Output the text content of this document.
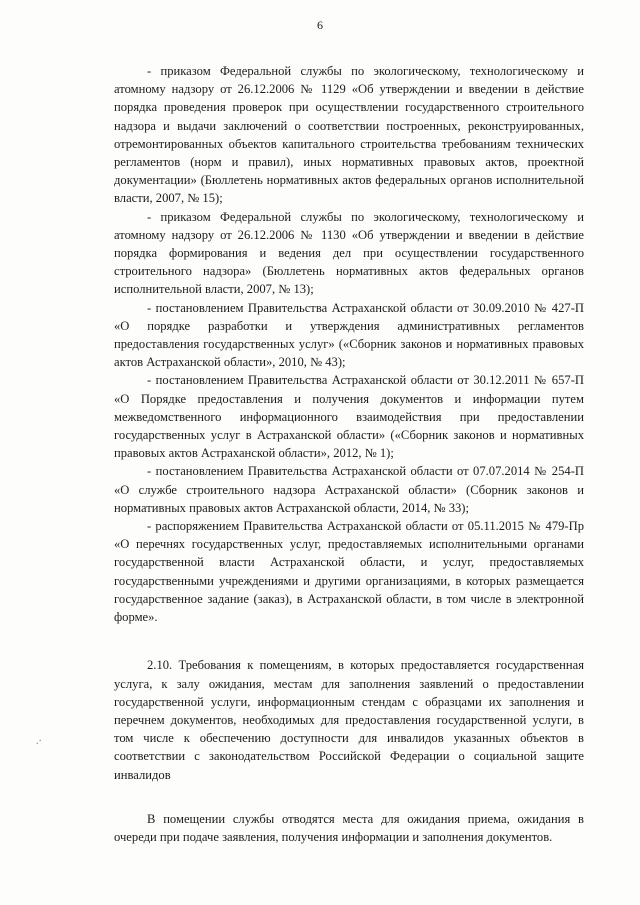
6

- приказом Федеральной службы по экологическому, технологическому и атомному надзору от 26.12.2006 № 1129 «Об утверждении и введении в действие порядка проведения проверок при осуществлении государственного строительного надзора и выдачи заключений о соответствии построенных, реконструированных, отремонтированных объектов капитального строительства требованиям технических регламентов (норм и правил), иных нормативных правовых актов, проектной документации» (Бюллетень нормативных актов федеральных органов исполнительной власти, 2007, № 15);

- приказом Федеральной службы по экологическому, технологическому и атомному надзору от 26.12.2006 № 1130 «Об утверждении и введении в действие порядка формирования и ведения дел при осуществлении государственного строительного надзора» (Бюллетень нормативных актов федеральных органов исполнительной власти, 2007, № 13);

- постановлением Правительства Астраханской области от 30.09.2010 № 427-П «О порядке разработки и утверждения административных регламентов предоставления государственных услуг» («Сборник законов и нормативных правовых актов Астраханской области», 2010, № 43);

- постановлением Правительства Астраханской области от 30.12.2011 № 657-П «О Порядке предоставления и получения документов и информации путем межведомственного информационного взаимодействия при предоставлении государственных услуг в Астраханской области» («Сборник законов и нормативных правовых актов Астраханской области», 2012, № 1);

- постановлением Правительства Астраханской области от 07.07.2014 № 254-П «О службе строительного надзора Астраханской области» (Сборник законов и нормативных правовых актов Астраханской области, 2014, № 33);

- распоряжением Правительства Астраханской области от 05.11.2015 № 479-Пр «О перечнях государственных услуг, предоставляемых исполнительными органами государственной власти Астраханской области, и услуг, предоставляемых государственными учреждениями и другими организациями, в которых размещается государственное задание (заказ), в Астраханской области, в том числе в электронной форме».

2.10. Требования к помещениям, в которых предоставляется государственная услуга, к залу ожидания, местам для заполнения заявлений о предоставлении государственной услуги, информационным стендам с образцами их заполнения и перечнем документов, необходимых для предоставления государственной услуги, в том числе к обеспечению доступности для инвалидов указанных объектов в соответствии с законодательством Российской Федерации о социальной защите инвалидов

В помещении службы отводятся места для ожидания приема, ожидания в очереди при подаче заявления, получения информации и заполнения документов.

.·
